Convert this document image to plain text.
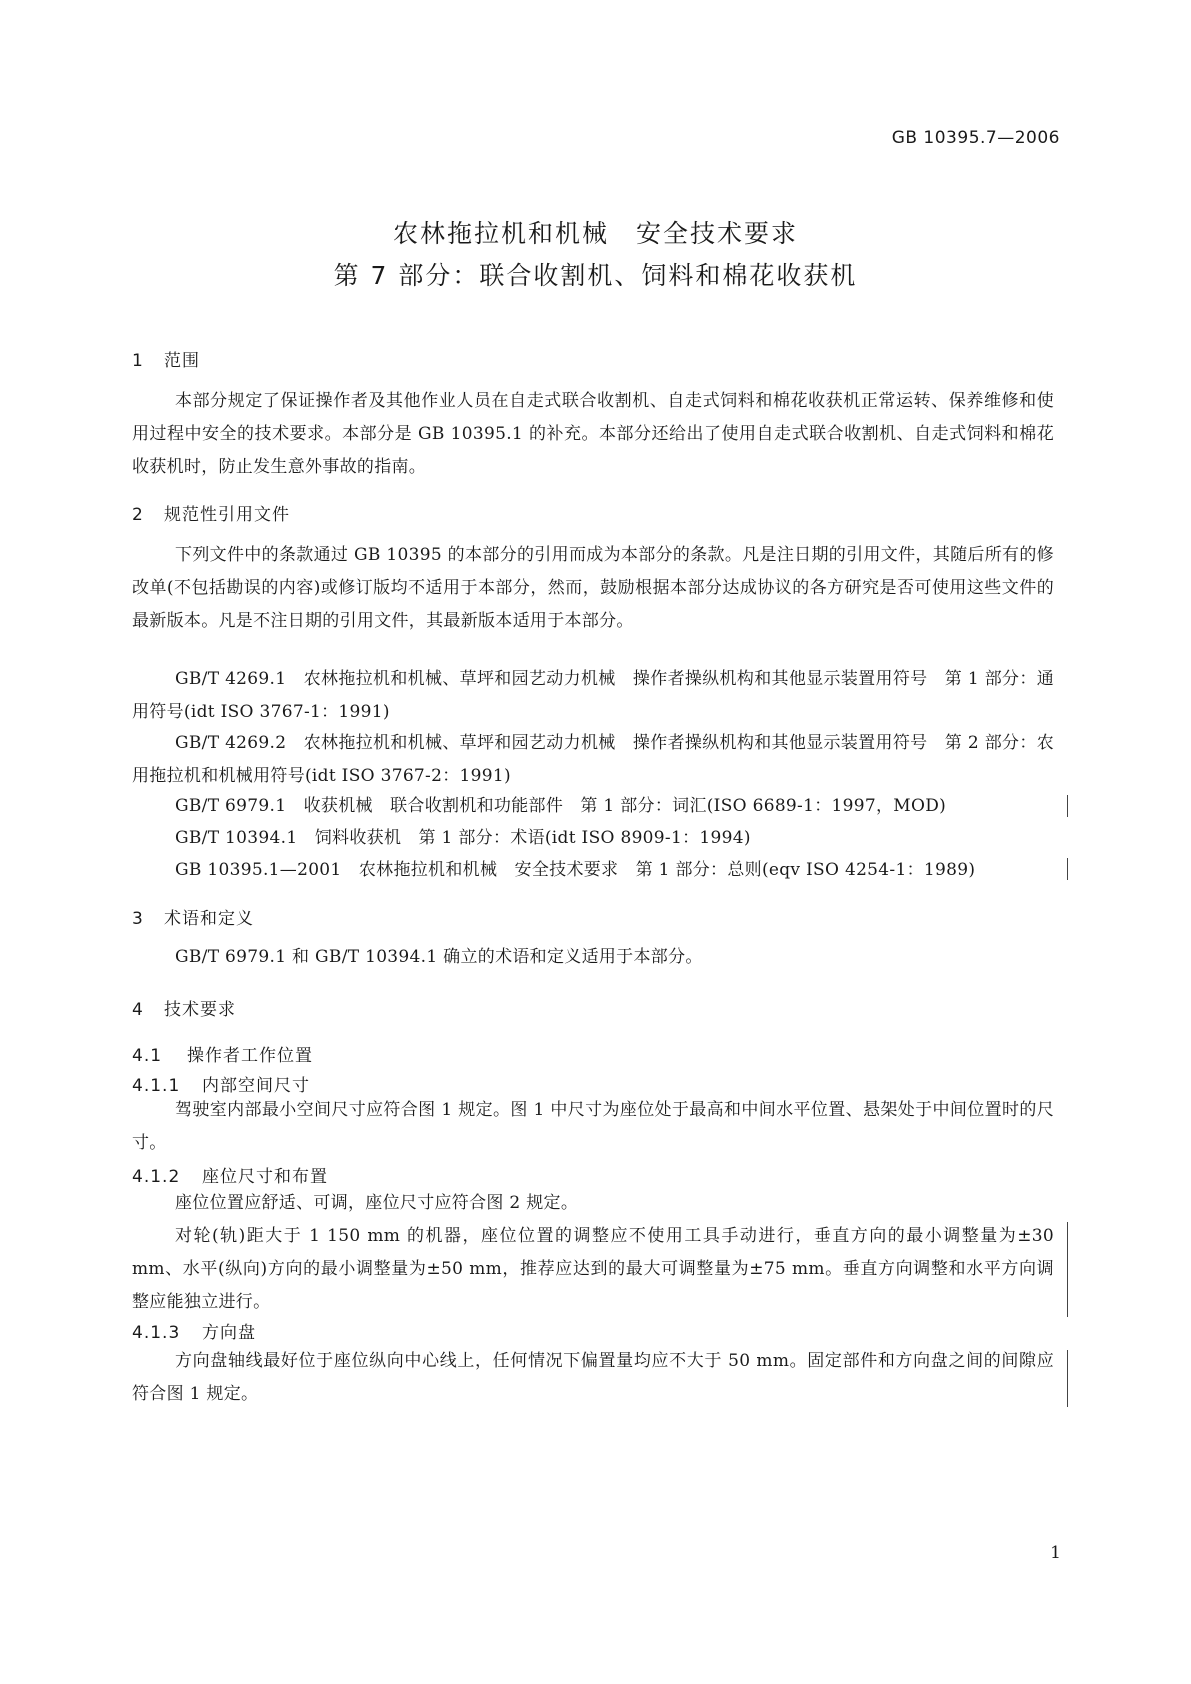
GB 10395.7—2006
农林拖拉机和机械　安全技术要求
第 7 部分：联合收割机、饲料和棉花收获机
1 范围
本部分规定了保证操作者及其他作业人员在自走式联合收割机、自走式饲料和棉花收获机正常运转、保养维修和使用过程中安全的技术要求。本部分是 GB 10395.1 的补充。本部分还给出了使用自走式联合收割机、自走式饲料和棉花收获机时，防止发生意外事故的指南。
2 规范性引用文件
下列文件中的条款通过 GB 10395 的本部分的引用而成为本部分的条款。凡是注日期的引用文件，其随后所有的修改单(不包括勘误的内容)或修订版均不适用于本部分，然而，鼓励根据本部分达成协议的各方研究是否可使用这些文件的最新版本。凡是不注日期的引用文件，其最新版本适用于本部分。
GB/T 4269.1　农林拖拉机和机械、草坪和园艺动力机械　操作者操纵机构和其他显示装置用符号　第 1 部分：通用符号(idt ISO 3767-1：1991)
GB/T 4269.2　农林拖拉机和机械、草坪和园艺动力机械　操作者操纵机构和其他显示装置用符号　第 2 部分：农用拖拉机和机械用符号(idt ISO 3767-2：1991)
GB/T 6979.1　收获机械　联合收割机和功能部件　第 1 部分：词汇(ISO 6689-1：1997，MOD)
GB/T 10394.1　饲料收获机　第 1 部分：术语(idt ISO 8909-1：1994)
GB 10395.1—2001　农林拖拉机和机械　安全技术要求　第 1 部分：总则(eqv ISO 4254-1：1989)
3 术语和定义
GB/T 6979.1 和 GB/T 10394.1 确立的术语和定义适用于本部分。
4 技术要求
4.1 操作者工作位置
4.1.1 内部空间尺寸
驾驶室内部最小空间尺寸应符合图 1 规定。图 1 中尺寸为座位处于最高和中间水平位置、悬架处于中间位置时的尺寸。
4.1.2 座位尺寸和布置
座位位置应舒适、可调，座位尺寸应符合图 2 规定。
对轮(轨)距大于 1 150 mm 的机器，座位位置的调整应不使用工具手动进行，垂直方向的最小调整量为±30 mm、水平(纵向)方向的最小调整量为±50 mm，推荐应达到的最大可调整量为±75 mm。垂直方向调整和水平方向调整应能独立进行。
4.1.3 方向盘
方向盘轴线最好位于座位纵向中心线上，任何情况下偏置量均应不大于 50 mm。固定部件和方向盘之间的间隙应符合图 1 规定。
1
